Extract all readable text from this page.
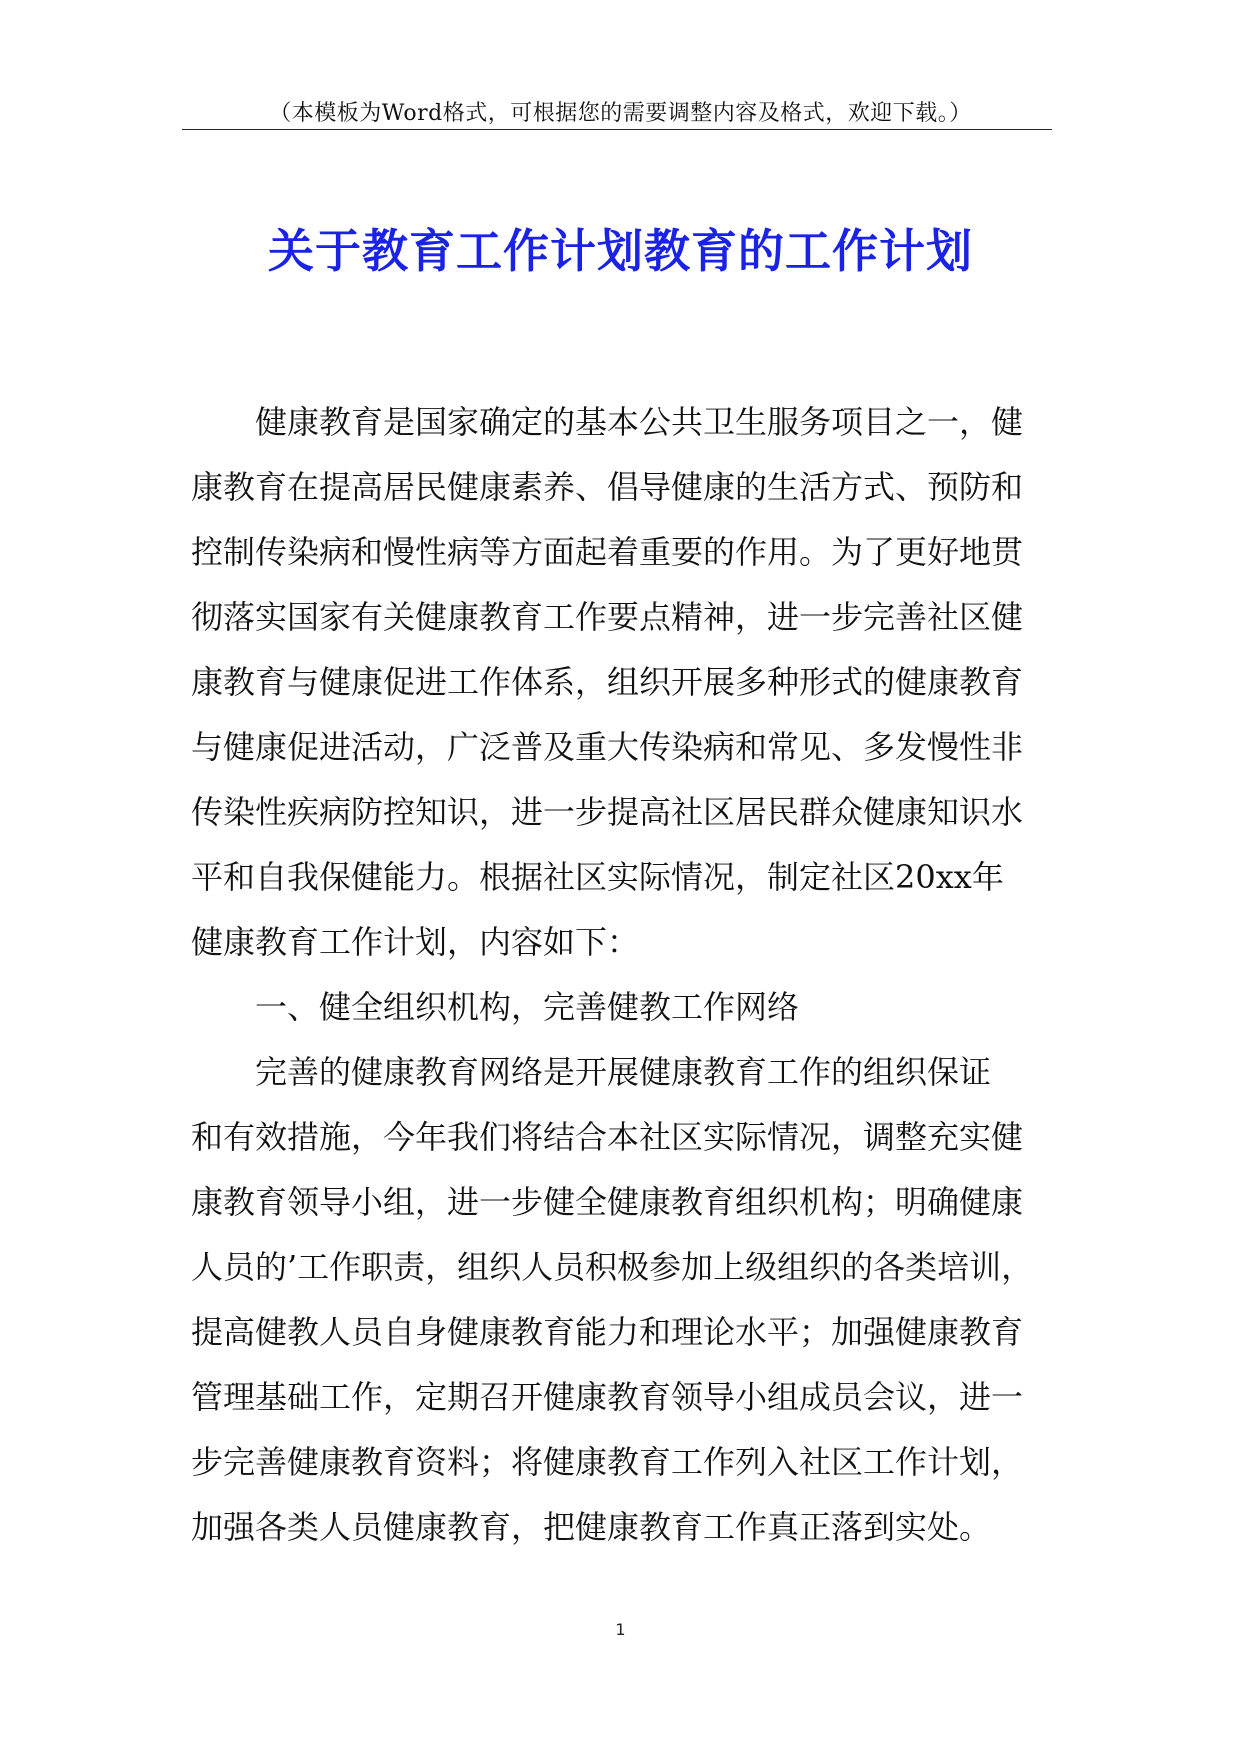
（本模板为Word格式，可根据您的需要调整内容及格式，欢迎下载。）
关于教育工作计划教育的工作计划
健康教育是国家确定的基本公共卫生服务项目之一，健
康教育在提高居民健康素养、倡导健康的生活方式、预防和
控制传染病和慢性病等方面起着重要的作用。为了更好地贯
彻落实国家有关健康教育工作要点精神，进一步完善社区健
康教育与健康促进工作体系，组织开展多种形式的健康教育
与健康促进活动，广泛普及重大传染病和常见、多发慢性非
传染性疾病防控知识，进一步提高社区居民群众健康知识水
平和自我保健能力。根据社区实际情况，制定社区20xx年
健康教育工作计划，内容如下：
一、健全组织机构，完善健教工作网络
完善的健康教育网络是开展健康教育工作的组织保证
和有效措施，今年我们将结合本社区实际情况，调整充实健
康教育领导小组，进一步健全健康教育组织机构；明确健康
人员的’工作职责，组织人员积极参加上级组织的各类培训，
提高健教人员自身健康教育能力和理论水平；加强健康教育
管理基础工作，定期召开健康教育领导小组成员会议，进一
步完善健康教育资料；将健康教育工作列入社区工作计划，
加强各类人员健康教育，把健康教育工作真正落到实处。
1
